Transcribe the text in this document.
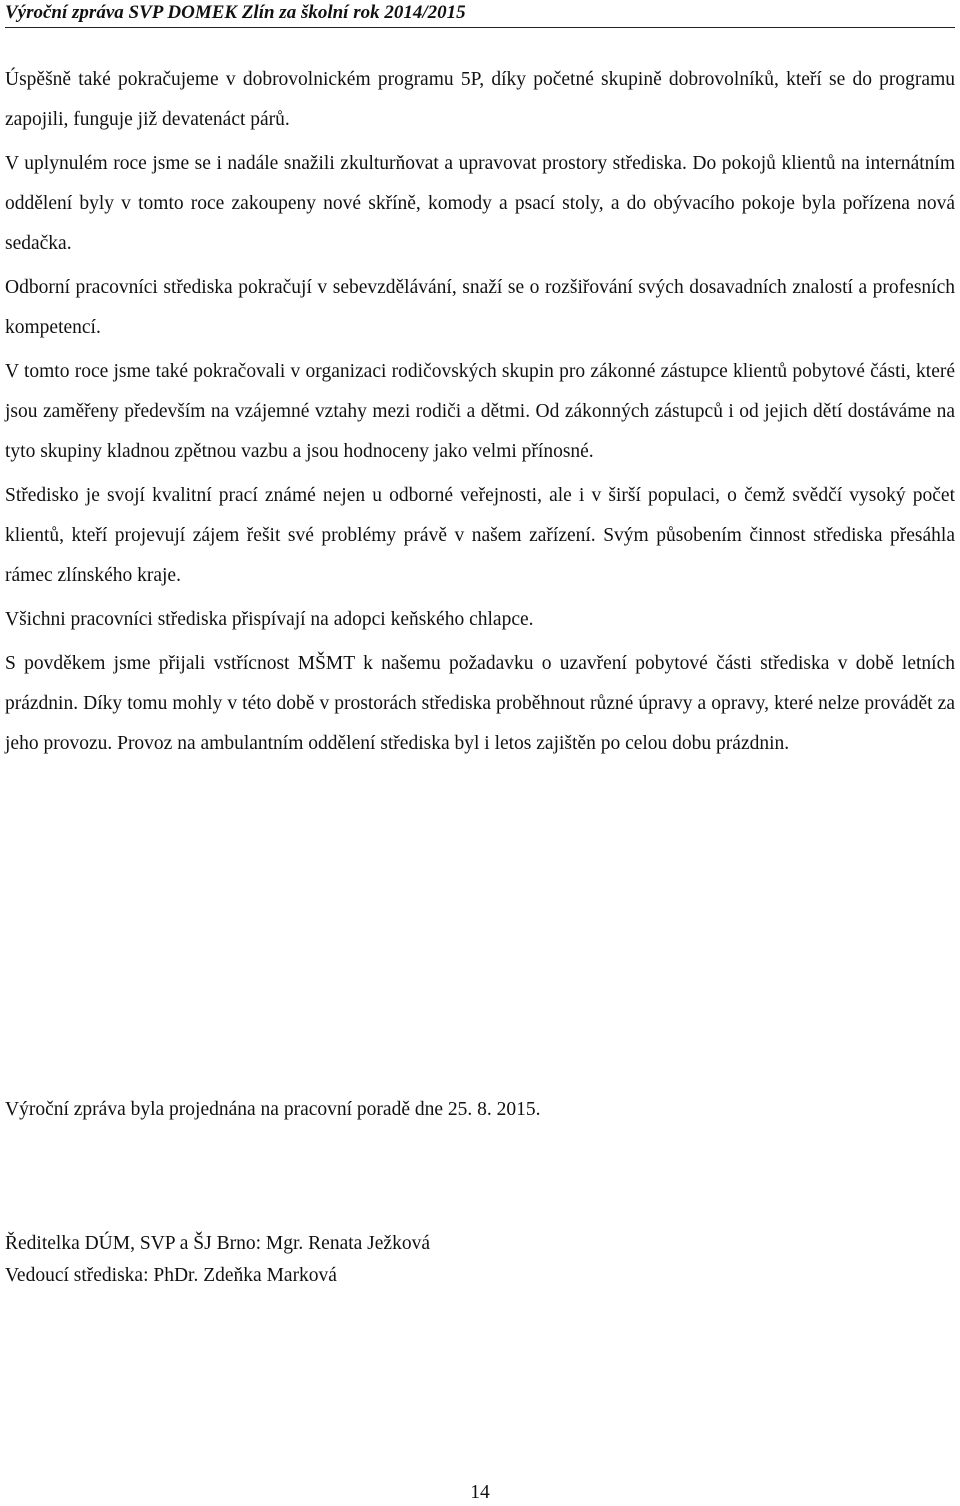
Výroční zpráva SVP DOMEK Zlín za školní rok 2014/2015

Úspěšně také pokračujeme v dobrovolnickém programu 5P, díky početné skupině dobrovolníků, kteří se do programu zapojili, funguje již devatenáct párů.

V uplynulém roce jsme se i nadále snažili zkulturňovat a upravovat prostory střediska. Do pokojů klientů na internátním oddělení byly v tomto roce zakoupeny nové skříně, komody a psací stoly, a do obývacího pokoje byla pořízena nová sedačka.

Odborní pracovníci střediska pokračují v sebevzdělávání, snaží se o rozšiřování svých dosavadních znalostí a profesních kompetencí.

V tomto roce jsme také pokračovali v organizaci rodičovských skupin pro zákonné zástupce klientů pobytové části, které jsou zaměřeny především na vzájemné vztahy mezi rodiči a dětmi. Od zákonných zástupců i od jejich dětí dostáváme na tyto skupiny kladnou zpětnou vazbu a jsou hodnoceny jako velmi přínosné.

Středisko je svojí kvalitní prací známé nejen u odborné veřejnosti, ale i v širší populaci, o čemž svědčí vysoký počet klientů, kteří projevují zájem řešit své problémy právě v našem zařízení. Svým působením činnost střediska přesáhla rámec zlínského kraje.

Všichni pracovníci střediska přispívají na adopci keňského chlapce.

S povděkem jsme přijali vstřícnost MŠMT k našemu požadavku o uzavření pobytové části střediska v době letních prázdnin. Díky tomu mohly v této době v prostorách střediska proběhnout různé úpravy a opravy, které nelze provádět za jeho provozu. Provoz na ambulantním oddělení střediska byl i letos zajištěn po celou dobu prázdnin.

Výroční zpráva byla projednána na pracovní poradě dne 25. 8. 2015.
Ředitelka DÚM, SVP a ŠJ Brno: Mgr. Renata Ježková
Vedoucí střediska: PhDr. Zdeňka Marková
14
